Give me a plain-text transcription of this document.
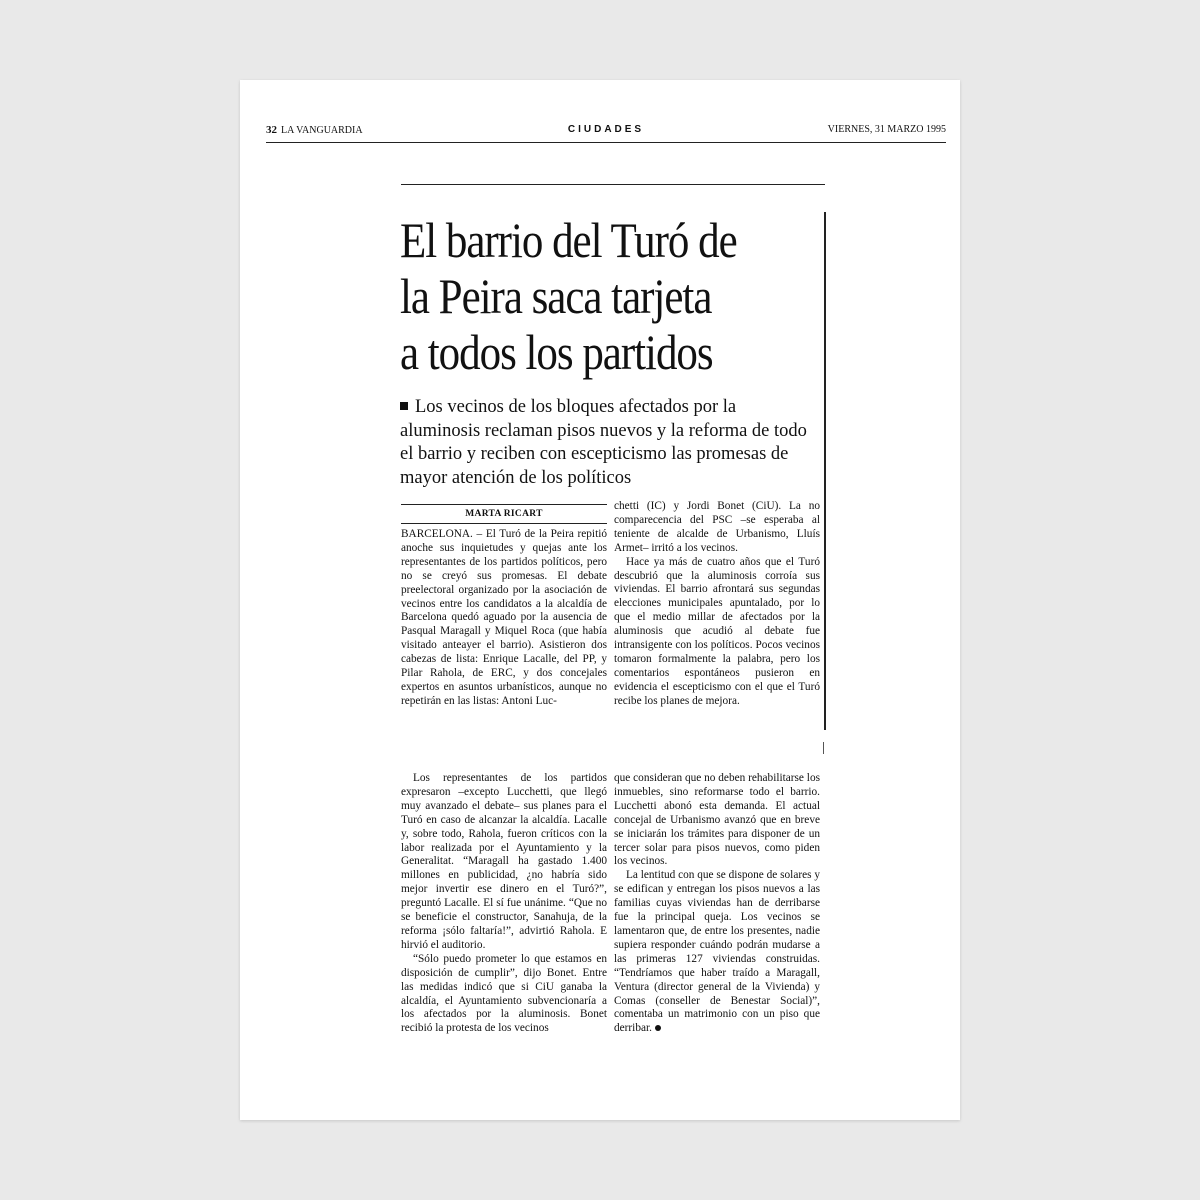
32 LA VANGUARDIA	CIUDADES	VIERNES, 31 MARZO 1995
El barrio del Turó de
la Peira saca tarjeta
a todos los partidos
Los vecinos de los bloques afectados por la aluminosis reclaman pisos nuevos y la reforma de todo el barrio y reciben con escepticismo las promesas de mayor atención de los políticos
MARTA RICART

BARCELONA. – El Turó de la Peira repitió anoche sus inquietudes y quejas ante los representantes de los partidos políticos, pero no se creyó sus promesas. El debate preelectoral organizado por la asociación de vecinos entre los candidatos a la alcaldía de Barcelona quedó aguado por la ausencia de Pasqual Maragall y Miquel Roca (que había visitado anteayer el barrio). Asistieron dos cabezas de lista: Enrique Lacalle, del PP, y Pilar Rahola, de ERC, y dos concejales expertos en asuntos urbanísticos, aunque no repetirán en las listas: Antoni Luc-

chetti (IC) y Jordi Bonet (CiU). La no comparecencia del PSC –se esperaba al teniente de alcalde de Urbanismo, Lluís Armet– irritó a los vecinos.

Hace ya más de cuatro años que el Turó descubrió que la aluminosis corroía sus viviendas. El barrio afrontará sus segundas elecciones municipales apuntalado, por lo que el medio millar de afectados por la aluminosis que acudió al debate fue intransigente con los políticos. Pocos vecinos tomaron formalmente la palabra, pero los comentarios espontáneos pusieron en evidencia el escepticismo con el que el Turó recibe los planes de mejora.

Los representantes de los partidos expresaron –excepto Lucchetti, que llegó muy avanzado el debate– sus planes para el Turó en caso de alcanzar la alcaldía. Lacalle y, sobre todo, Rahola, fueron críticos con la labor realizada por el Ayuntamiento y la Generalitat. “Maragall ha gastado 1.400 millones en publicidad, ¿no habría sido mejor invertir ese dinero en el Turó?”, preguntó Lacalle. El sí fue unánime. “Que no se beneficie el constructor, Sanahuja, de la reforma ¡sólo faltaría!”, advirtió Rahola. E hirvió el auditorio.

“Sólo puedo prometer lo que estamos en disposición de cumplir”, dijo Bonet. Entre las medidas indicó que si CiU ganaba la alcaldía, el Ayuntamiento subvencionaría a los afectados por la aluminosis. Bonet recibió la protesta de los vecinos

que consideran que no deben rehabilitarse los inmuebles, sino reformarse todo el barrio. Lucchetti abonó esta demanda. El actual concejal de Urbanismo avanzó que en breve se iniciarán los trámites para disponer de un tercer solar para pisos nuevos, como piden los vecinos.

La lentitud con que se dispone de solares y se edifican y entregan los pisos nuevos a las familias cuyas viviendas han de derribarse fue la principal queja. Los vecinos se lamentaron que, de entre los presentes, nadie supiera responder cuándo podrán mudarse a las primeras 127 viviendas construidas. “Tendríamos que haber traído a Maragall, Ventura (director general de la Vivienda) y Comas (conseller de Benestar Social)”, comentaba un matrimonio con un piso que derribar.
